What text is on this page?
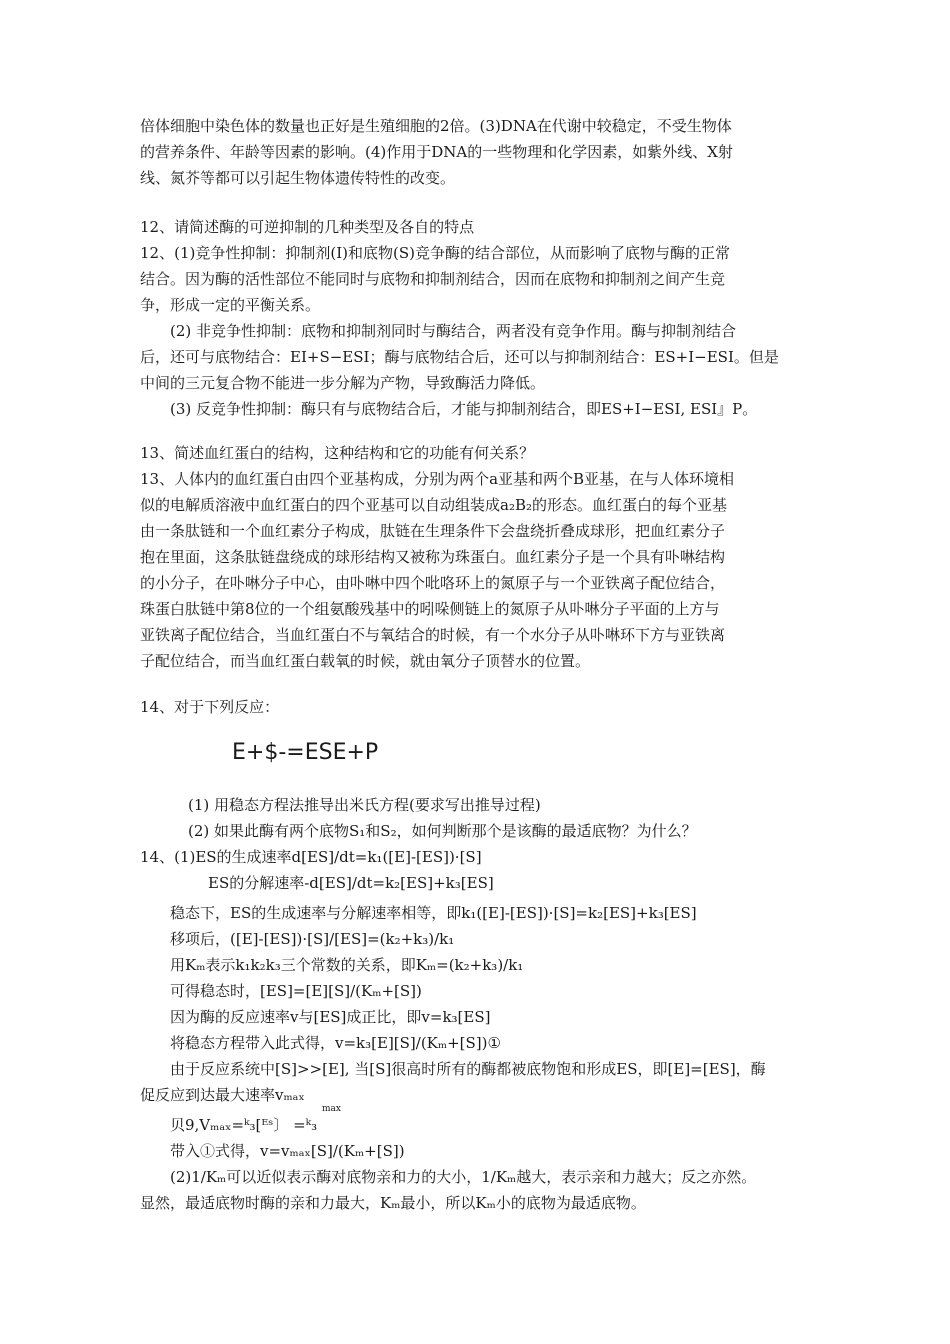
倍体细胞中染色体的数量也正好是生殖细胞的2倍。(3)DNA在代谢中较稳定，不受生物体
的营养条件、年龄等因素的影响。(4)作用于DNA的一些物理和化学因素，如紫外线、X射
线、氮芥等都可以引起生物体遗传特性的改变。
12、请简述酶的可逆抑制的几种类型及各自的特点
12、(1)竞争性抑制：抑制剂(I)和底物(S)竞争酶的结合部位，从而影响了底物与酶的正常
结合。因为酶的活性部位不能同时与底物和抑制剂结合，因而在底物和抑制剂之间产生竞
争，形成一定的平衡关系。
(2) 非竞争性抑制：底物和抑制剂同时与酶结合，两者没有竞争作用。酶与抑制剂结合
后，还可与底物结合：EI+S−ESI；酶与底物结合后，还可以与抑制剂结合：ES+I−ESI。但是
中间的三元复合物不能进一步分解为产物，导致酶活力降低。
(3) 反竞争性抑制：酶只有与底物结合后，才能与抑制剂结合，即ES+I−ESI, ESI』P。
13、简述血红蛋白的结构，这种结构和它的功能有何关系？
13、人体内的血红蛋白由四个亚基构成，分别为两个a亚基和两个B亚基，在与人体环境相
似的电解质溶液中血红蛋白的四个亚基可以自动组装成a₂B₂的形态。血红蛋白的每个亚基
由一条肽链和一个血红素分子构成，肽链在生理条件下会盘绕折叠成球形，把血红素分子
抱在里面，这条肽链盘绕成的球形结构又被称为珠蛋白。血红素分子是一个具有卟啉结构
的小分子，在卟啉分子中心，由卟啉中四个吡咯环上的氮原子与一个亚铁离子配位结合，
珠蛋白肽链中第8位的一个组氨酸残基中的吲哚侧链上的氮原子从卟啉分子平面的上方与
亚铁离子配位结合，当血红蛋白不与氧结合的时候，有一个水分子从卟啉环下方与亚铁离
子配位结合，而当血红蛋白载氧的时候，就由氧分子顶替水的位置。
14、对于下列反应：
E+$-=ESE+P
(1) 用稳态方程法推导出米氏方程(要求写出推导过程)
(2) 如果此酶有两个底物S₁和S₂，如何判断那个是该酶的最适底物？为什么？
14、(1)ES的生成速率d[ES]/dt=k₁([E]-[ES])·[S]
ES的分解速率-d[ES]/dt=k₂[ES]+k₃[ES]
稳态下，ES的生成速率与分解速率相等，即k₁([E]-[ES])·[S]=k₂[ES]+k₃[ES]
移项后，([E]-[ES])·[S]/[ES]=(k₂+k₃)/k₁
用Kₘ表示k₁k₂k₃三个常数的关系，即Kₘ=(k₂+k₃)/k₁
可得稳态时，[ES]=[E][S]/(Kₘ+[S])
因为酶的反应速率v与[ES]成正比，即v=k₃[ES]
将稳态方程带入此式得，v=k₃[E][S]/(Kₘ+[S])①
由于反应系统中[S]>>[E], 当[S]很高时所有的酶都被底物饱和形成ES，即[E]=[ES]，酶
促反应到达最大速率vₘₐₓ
max
贝9,Vₘₐₓ=ᵏ₃[ᴱˢ〕 =ᵏ₃
带入①式得，v=vₘₐₓ[S]/(Kₘ+[S])
(2)1/Kₘ可以近似表示酶对底物亲和力的大小，1/Kₘ越大，表示亲和力越大；反之亦然。
显然，最适底物时酶的亲和力最大，Kₘ最小，所以Kₘ小的底物为最适底物。
